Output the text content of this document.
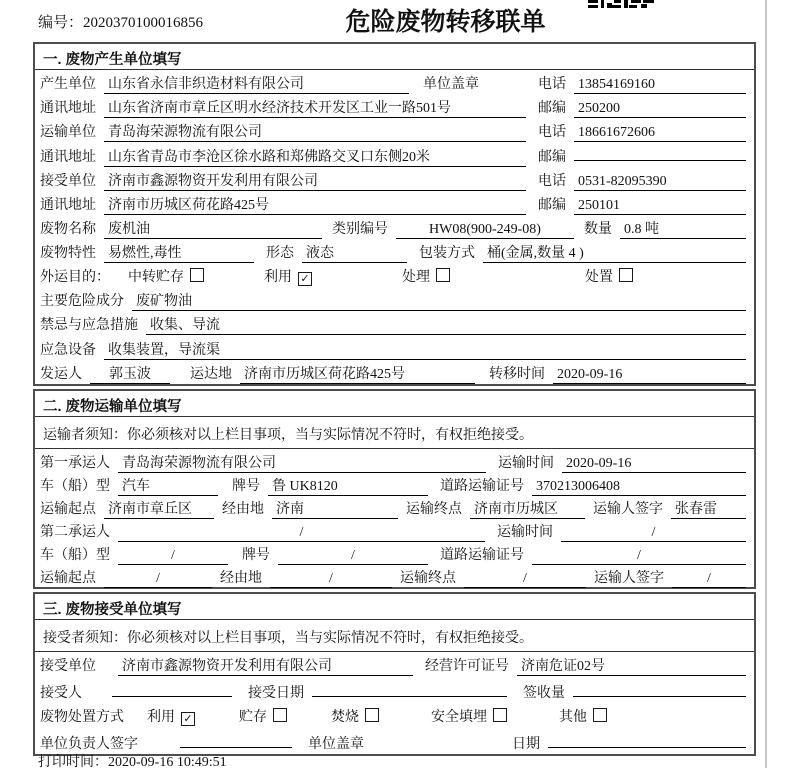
编号：2020370100016856	危险废物转移联单
一. 废物产生单位填写
产生单位 山东省永信非织造材料有限公司	单位盖章	电话 13854169160
通讯地址 山东省济南市章丘区明水经济技术开发区工业一路501号	邮编 250200
运输单位 青岛海荣源物流有限公司	电话 18661672606
通讯地址 山东省青岛市李沧区徐水路和郑佛路交叉口东侧20米	邮编
接受单位 济南市鑫源物资开发利用有限公司	电话 0531-82095390
通讯地址 济南市历城区荷花路425号	邮编 250101
废物名称 废机油	类别编号	HW08(900-249-08)	数量 0.8 吨
废物特性 易燃性,毒性	形态 液态	包装方式 桶(金属,数量 4 )
外运目的： 中转贮存	利用 ✓	处理	处置
主要危险成分 废矿物油
禁忌与应急措施 收集、导流
应急设备 收集装置，导流渠
发运人	郭玉波	运达地 济南市历城区荷花路425号	转移时间 2020-09-16
二. 废物运输单位填写
运输者须知： 你必须核对以上栏目事项，当与实际情况不符时，有权拒绝接受。
第一承运人 青岛海荣源物流有限公司	运输时间 2020-09-16
车（船）型 汽车	牌号 鲁 UK8120	道路运输证号 370213006408
运输起点 济南市章丘区	经由地 济南	运输终点 济南市历城区	运输人签字 张春雷
第二承运人	/	运输时间	/
车（船）型	/	牌号	/	道路运输证号	/
运输起点	/	经由地	/	运输终点	/	运输人签字	/
三. 废物接受单位填写
接受者须知： 你必须核对以上栏目事项，当与实际情况不符时，有权拒绝接受。
接受单位 济南市鑫源物资开发利用有限公司	经营许可证号 济南危证02号
接受人	接受日期	签收量
废物处置方式 利用 ✓	贮存	焚烧	安全填埋	其他
单位负责人签字	单位盖章	日期
打印时间：2020-09-16 10:49:51
